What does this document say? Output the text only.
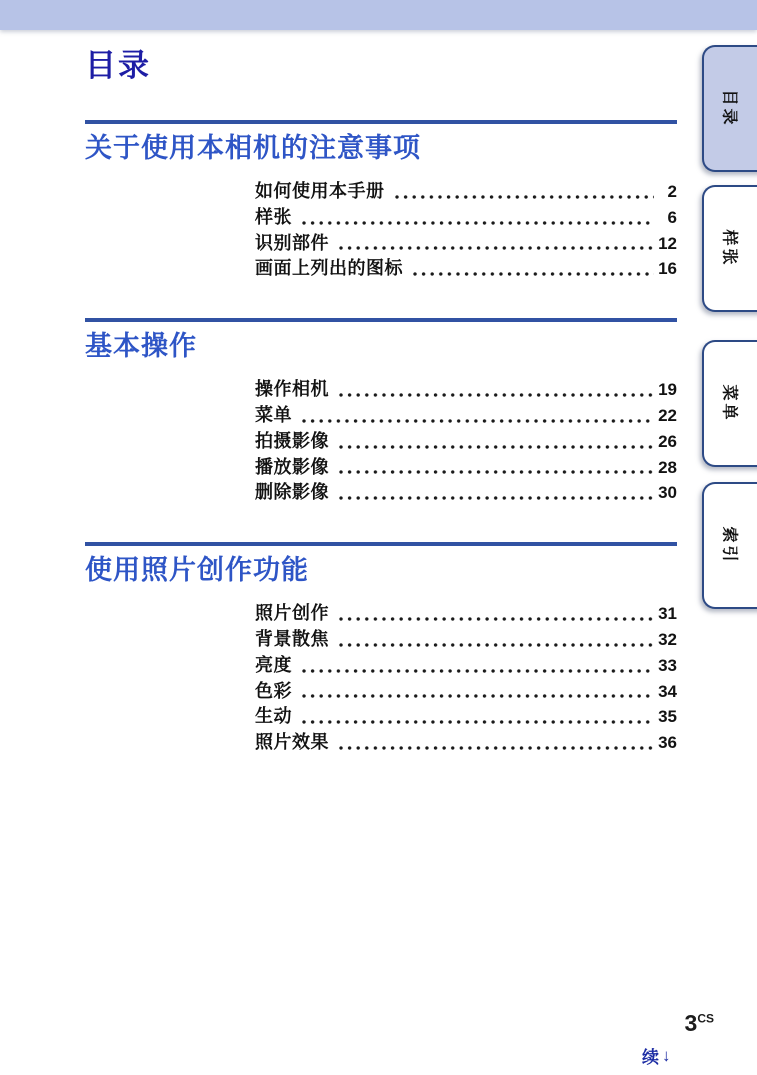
目录
关于使用本相机的注意事项
如何使用本手册	2
样张	6
识别部件	12
画面上列出的图标	16
基本操作
操作相机	19
菜单	22
拍摄影像	26
播放影像	28
删除影像	30
使用照片创作功能
照片创作	31
背景散焦	32
亮度	33
色彩	34
生动	35
照片效果	36
目录
样张
菜单
索引
$3^{CS}$
续 ↓
